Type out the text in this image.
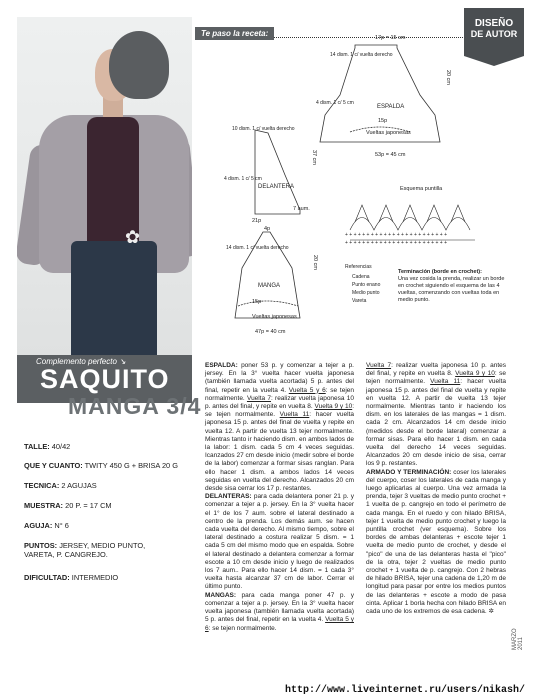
✿
Complemento perfecto ↘
SAQUITO
MANGA 3/4
TALLE: 40/42
QUE Y CUANTO: TWITY 450 G + BRISA 20 G
TECNICA: 2 AGUJAS
MUESTRA: 20 P. = 17 CM
AGUJA: N° 6
PUNTOS: JERSEY, MEDIO PUNTO, VARETA, P. CANGREJO.
DIFICULTAD: INTERMEDIO
Te paso la receta:
DISEÑO
DE AUTOR
17p = 15 cm
14 dism. 1 c/ vuelta derecho
4 dism. 1 c/ 5 cm
ESPALDA
15p
Vueltas japonesas
53p = 45 cm
20 cm
10 dism. 1 c/ vuelta derecho
4 dism. 1 c/ 5 cm
DELANTERA
21p
37 cm
7 aum.
4p
14 dism. 1 c/ vuelta derecho
MANGA
15p
Vueltas japonesas
47p = 40 cm
20 cm
Esquema puntilla
Referencias
Cadena
Punto enano
Medio punto
Vareta
Terminación (borde en crochet):
+ + + + + + + + + + + + + + + + + + + + + + + +
+ + + + + + + + + + + + + + + + + + + + + + + +
Una vez cosida la prenda, realizar un borde en crochet siguiendo el esquema de las 4 vueltas, comenzando con vueltas toda en medio punto.
ESPALDA: poner 53 p. y comenzar a tejer a p. jersey. En la 3° vuelta hacer vuelta japonesa (también llamada vuelta acortada) 5 p. antes del final, repetir en la vuelta 4. Vuelta 5 y 6: se tejen normalmente. Vuelta 7: realizar vuelta japonesa 10 p. antes del final, y repite en vuelta 8. Vuelta 9 y 10: se tejen normalmente. Vuelta 11: hacer vuelta japonesa 15 p. antes del final de vuelta y repite en vuelta 12. A partir de vuelta 13 tejer normalmente. Mientras tanto ir haciendo dism. en ambos lados de la labor: 1 dism. cada 5 cm 4 veces seguidas. Icanzados 27 cm desde inicio (medir sobre el borde de la labor) comenzar a formar sisas ranglan. Para ello hacer 1 dism. a ambos lados 14 veces seguidas en vuelta del derecho. Alcanzados 20 cm desde sisa cerrar los 17 p. restantes.
DELANTERAS: para cada delantera poner 21 p. y comenzar a tejer a p. jersey. En la 3° vuelta hacer el 1° de los 7 aum. sobre el lateral destinado a centro de la prenda. Los demás aum. se hacen cada vuelta del derecho. Al mismo tiempo, sobre el lateral destinado a costura realizar 5 dism. = 1 cada 5 cm del mismo modo que en espalda. Sobre el lateral destinado a delantera comenzar a formar escote a 10 cm desde inicio y luego de realizados los 7 aum.. Para ello hacer 14 dism. = 1 cada 3° vuelta hasta alcanzar 37 cm de labor. Cerrar el último punto.
MANGAS: para cada manga poner 47 p. y comenzar a tejer a p. jersey. En la 3° vuelta hacer vuelta japonesa (también llamada vuelta acortada) 5 p. antes del final, repetir en la vuelta 4. Vuelta 5 y 6: se tejen normalmente.
Vuelta 7: realizar vuelta japonesa 10 p. antes del final, y repite en vuelta 8. Vuelta 9 y 10: se tejen normalmente. Vuelta 11: hacer vuelta japonesa 15 p. antes del final de vuelta y repite en vuelta 12. A partir de vuelta 13 tejer normalmente. Mientras tanto ir haciendo los dism. en los laterales de las mangas = 1 dism. cada 2 cm. Alcanzados 14 cm desde inicio (medidos desde el borde lateral) comenzar a formar sisas. Para ello hacer 1 dism. en cada vuelta del derecho 14 veces seguidas. Alcanzados 20 cm desde inicio de sisa, cerrar los 9 p. restantes.
ARMADO Y TERMINACIÓN: coser los laterales del cuerpo, coser los laterales de cada manga y luego aplicarlas al cuerpo. Una vez armada la prenda, tejer 3 vueltas de medio punto crochet + 1 vuelta de p. cangrejo en todo el perímetro de cada manga. En el ruedo y con hilado BRISA, tejer 1 vuelta de medio punto crochet y luego la puntilla crochet (ver esquema). Sobre los bordes de ambas delanteras + escote tejer 1 vuelta de medio punto de crochet, y desde el "pico" de una de las delanteras hasta el "pico" de la otra, tejer 2 vueltas de medio punto crochet + 1 vuelta de p. cangrejo. Con 2 hebras de hilado BRISA, tejer una cadena de 1,20 m de longitud para pasar por entre los medios puntos de las delanteras + escote a modo de pasa cinta. Aplicar 1 borla hecha con hilado BRISA en cada uno de los extremos de esa cadena. ✲
MARZO 2011
http://www.liveinternet.ru/users/nikash/
